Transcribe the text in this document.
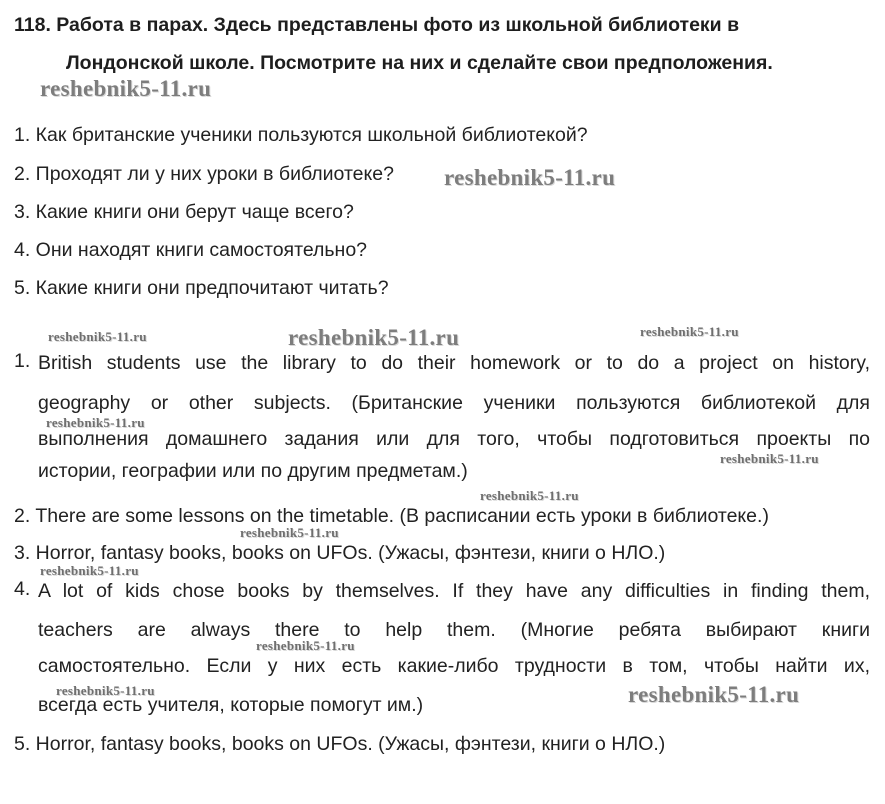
118. Работа в парах. Здесь представлены фото из школьной библиотеки в
Лондонской школе. Посмотрите на них и сделайте свои предположения.
1. Как британские ученики пользуются школьной библиотекой?
2. Проходят ли у них уроки в библиотеке?
3. Какие книги они берут чаще всего?
4. Они находят книги самостоятельно?
5. Какие книги они предпочитают читать?
1. British students use the library to do their homework or to do a project on history,
geography or other subjects. (Британские ученики пользуются библиотекой для
выполнения домашнего задания или для того, чтобы подготовиться проекты по
истории, географии или по другим предметам.)
2. There are some lessons on the timetable. (В расписании есть уроки в библиотеке.)
3. Horror, fantasy books, books on UFOs. (Ужасы, фэнтези, книги о НЛО.)
4. A lot of kids chose books by themselves. If they have any difficulties in finding them,
teachers are always there to help them. (Многие ребята выбирают книги
самостоятельно. Если у них есть какие-либо трудности в том, чтобы найти их,
всегда есть учителя, которые помогут им.)
5. Horror, fantasy books, books on UFOs. (Ужасы, фэнтези, книги о НЛО.)
reshebnik5-11.ru
reshebnik5-11.ru
reshebnik5-11.ru
reshebnik5-11.ru
reshebnik5-11.ru	reshebnik5-11.ru
reshebnik5-11.ru
reshebnik5-11.ru
reshebnik5-11.ru
reshebnik5-11.ru
reshebnik5-11.ru
reshebnik5-11.ru
reshebnik5-11.ru
